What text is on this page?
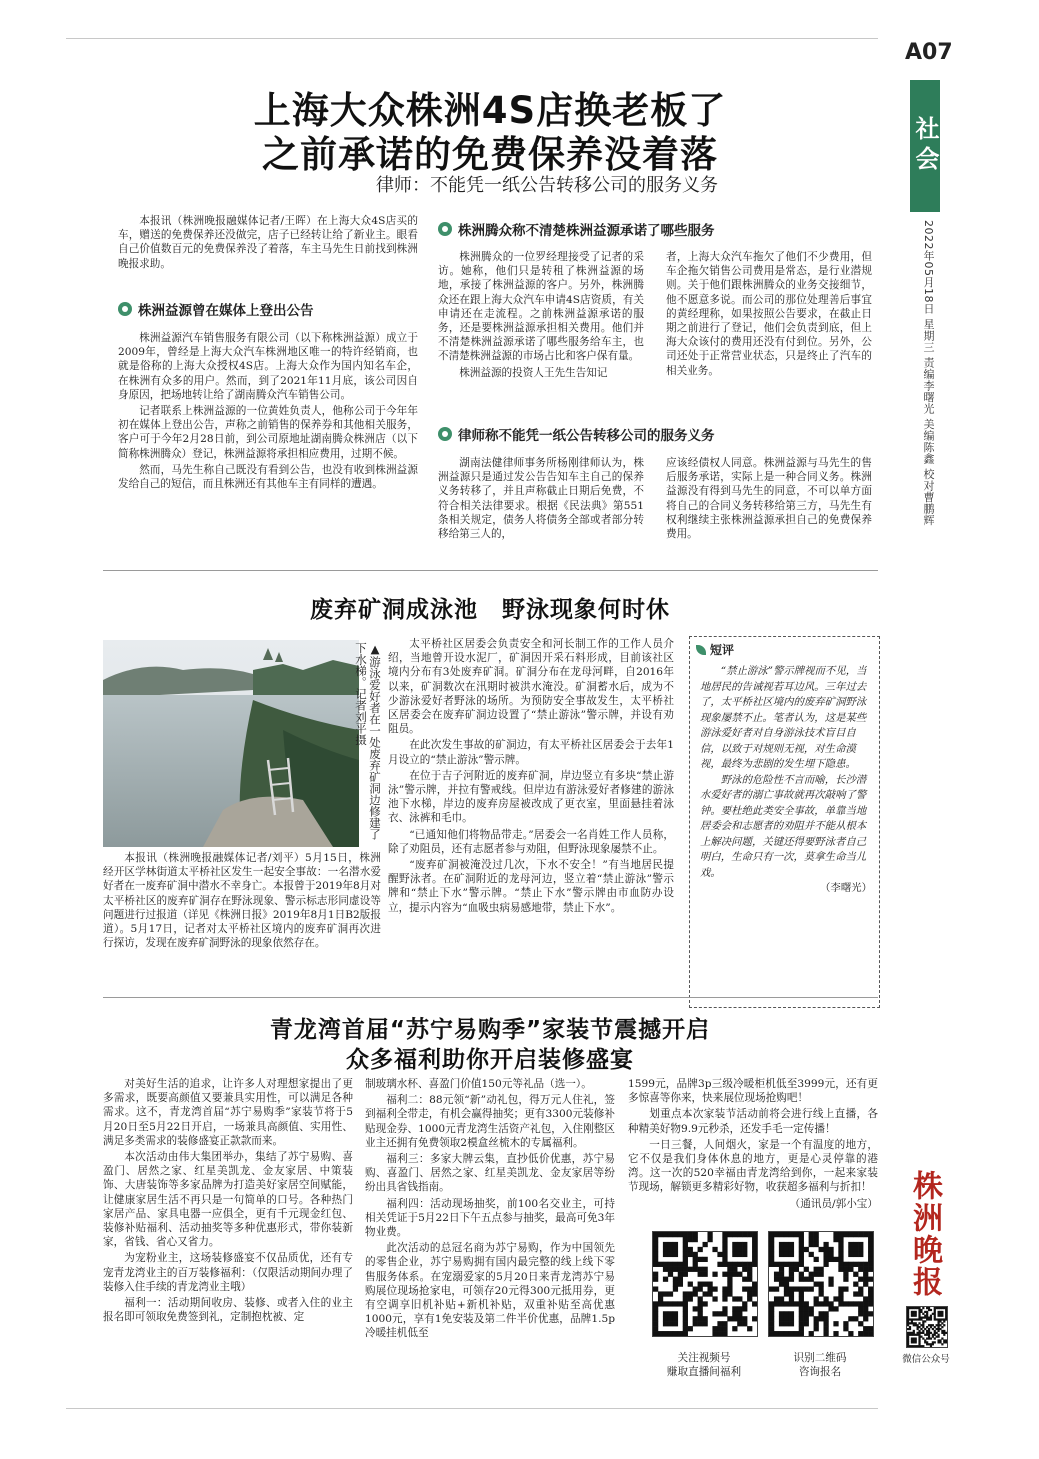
A07
社会
2022年05月18日 星期三 责编李曙光 美编陈鑫 校对曹鹏辉
上海大众株洲4S店换老板了
之前承诺的免费保养没着落
律师：不能凭一纸公告转移公司的服务义务

本报讯（株洲晚报融媒体记者/王晖）在上海大众4S店买的车，赠送的免费保养还没做完，店子已经转让给了新业主。眼看自己价值数百元的免费保养没了着落，车主马先生日前找到株洲晚报求助。

株洲益源曾在媒体上登出公告

株洲益源汽车销售服务有限公司（以下称株洲益源）成立于2009年，曾经是上海大众汽车株洲地区唯一的特许经销商，也就是俗称的上海大众授权4S店。上海大众作为国内知名车企，在株洲有众多的用户。然而，到了2021年11月底，该公司因自身原因，把场地转让给了湖南腾众汽车销售公司。

记者联系上株洲益源的一位黄姓负责人，他称公司于今年年初在媒体上登出公告，声称之前销售的保养券和其他相关服务，客户可于今年2月28日前，到公司原地址湖南腾众株洲店（以下简称株洲腾众）登记，株洲益源将承担相应费用，过期不候。

然而，马先生称自己既没有看到公告，也没有收到株洲益源发给自己的短信，而且株洲还有其他车主有同样的遭遇。

株洲腾众称不清楚株洲益源承诺了哪些服务

株洲腾众的一位罗经理接受了记者的采访。她称，他们只是转租了株洲益源的场地，承接了株洲益源的客户。另外，株洲腾众还在跟上海大众汽车申请4S店资质，有关申请还在走流程。之前株洲益源承诺的服务，还是要株洲益源承担相关费用。他们并不清楚株洲益源承诺了哪些服务给车主，也不清楚株洲益源的市场占比和客户保有量。

株洲益源的投资人王先生告知记

者，上海大众汽车拖欠了他们不少费用，但车企拖欠销售公司费用是常态，是行业潜规则。关于他们跟株洲腾众的业务交接细节，他不愿意多说。而公司的那位处理善后事宜的黄经理称，如果按照公告要求，在截止日期之前进行了登记，他们会负责到底，但上海大众该付的费用还没有付到位。另外，公司还处于正常营业状态，只是终止了汽车的相关业务。

律师称不能凭一纸公告转移公司的服务义务

湖南法健律师事务所杨刚律师认为，株洲益源只是通过发公告告知车主自己的保养义务转移了，并且声称截止日期后免费，不符合相关法律要求。根据《民法典》第551条相关规定，债务人将债务全部或者部分转移给第三人的，

应该经债权人同意。株洲益源与马先生的售后服务承诺，实际上是一种合同义务。株洲益源没有得到马先生的同意，不可以单方面将自己的合同义务转移给第三方，马先生有权利继续主张株洲益源承担自己的免费保养费用。

废弃矿洞成泳池　野泳现象何时休
▲游泳爱好者在一处废弃矿洞边修建了下水梯。记者刘平摄

本报讯（株洲晚报融媒体记者/刘平）5月15日，株洲经开区学林街道太平桥社区发生一起安全事故：一名潜水爱好者在一废弃矿洞中潜水不幸身亡。本报曾于2019年8月对太平桥社区的废弃矿洞存在野泳现象、警示标志形同虚设等问题进行过报道（详见《株洲日报》2019年8月1日B2版报道）。5月17日，记者对太平桥社区境内的废弃矿洞再次进行探访，发现在废弃矿洞野泳的现象依然存在。

太平桥社区居委会负责安全和河长制工作的工作人员介绍，当地曾开设水泥厂，矿洞因开采石料形成，目前该社区境内分布有3处废弃矿洞。矿洞分布在龙母河畔，自2016年以来，矿洞数次在汛期时被洪水淹没。矿洞蓄水后，成为不少游泳爱好者野泳的场所。为预防安全事故发生，太平桥社区居委会在废弃矿洞边设置了“禁止游泳”警示牌，并设有劝阻员。

在此次发生事故的矿洞边，有太平桥社区居委会于去年1月设立的“禁止游泳”警示牌。

在位于吉子河附近的废弃矿洞，岸边竖立有多块“禁止游泳”警示牌，并拉有警戒线。但岸边有游泳爱好者修建的游泳池下水梯，岸边的废弃房屋被改成了更衣室，里面悬挂着泳衣、泳裤和毛巾。

“已通知他们将物品带走。”居委会一名肖姓工作人员称，除了劝阻员，还有志愿者参与劝阻，但野泳现象屡禁不止。

“废弃矿洞被淹没过几次，下水不安全！”有当地居民提醒野泳者。在矿洞附近的龙母河边，竖立着“禁止游泳”警示牌和“禁止下水”警示牌。“禁止下水”警示牌由市血防办设立，提示内容为“血吸虫病易感地带，禁止下水”。

短评

“禁止游泳”警示牌视而不见，当地居民的告诫视若耳边风。三年过去了，太平桥社区境内的废弃矿洞野泳现象屡禁不止。笔者认为，这是某些游泳爱好者对自身游泳技术盲目自信，以致于对规则无视，对生命漠视，最终为悲剧的发生埋下隐患。

野泳的危险性不言而喻，长沙潜水爱好者的溺亡事故就再次敲响了警钟。要杜绝此类安全事故，单靠当地居委会和志愿者的劝阻并不能从根本上解决问题，关键还得要野泳者自己明白，生命只有一次，莫拿生命当儿戏。

（李曙光）
青龙湾首届“苏宁易购季”家装节震撼开启
众多福利助你开启装修盛宴

对美好生活的追求，让许多人对理想家提出了更多需求，既要高颜值又要兼具实用性，可以满足各种需求。这不，青龙湾首届“苏宁易购季”家装节将于5月20日至5月22日开启，一场兼具高颜值、实用性、满足多类需求的装修盛宴正款款而来。

本次活动由伟大集团举办，集结了苏宁易购、喜盈门、居然之家、红星美凯龙、金友家居、中策装饰、大唐装饰等多家品牌为打造美好家居空间赋能，让健康家居生活不再只是一句简单的口号。各种热门家居产品、家具电器一应俱全，更有千元现金红包、装修补贴福利、活动抽奖等多种优惠形式，带你装新家，省钱、省心又省力。

为宠粉业主，这场装修盛宴不仅品质优，还有专宠青龙湾业主的百万装修福利：（仅限活动期间办理了装修入住手续的青龙湾业主哦）

福利一：活动期间收房、装修、或者入住的业主报名即可领取免费签到礼，定制抱枕被、定

制玻璃水杯、喜盈门价值150元等礼品（选一）。

福利二：88元领“新”动礼包，得万元人住礼，签到福利全带走，有机会赢得抽奖；更有3300元装修补贴现金券、1000元青龙湾生活资产礼包，入住刚整区业主还拥有免费领取2模盒丝梳木的专属福利。

福利三：多家大牌云集，直抄低价优惠，苏宁易购、喜盈门、居然之家、红星美凯龙、金友家居等纷纷出具省钱指南。

福利四：活动现场抽奖，前100名交业主，可持相关凭证于5月22日下午五点参与抽奖，最高可免3年物业费。

此次活动的总冠名商为苏宁易购，作为中国领先的零售企业，苏宁易购拥有国内最完整的线上线下零售服务体系。在宠溺爱家的5月20日来青龙湾苏宁易购展位现场抢家电，可领存20元得300元抵用券，更有空调享旧机补贴+新机补贴，双重补贴至高优惠1000元，享有1免安装及第二件半价优惠，品牌1.5p冷暖挂机低至

1599元，品牌3p三级冷暖柜机低至3999元，还有更多惊喜等你来，快来展位现场抢购吧！

划重点本次家装节活动前将会进行线上直播，各种精美好物9.9元秒杀，还发手毛一定传播！

一日三餐，人间烟火，家是一个有温度的地方，它不仅是我们身体休息的地方，更是心灵停靠的港湾。这一次的520幸福由青龙湾给到你，一起来家装节现场，解锁更多精彩好物，收获超多福利与折扣！

（通讯员/郭小宝）
关注视频号
赚取直播间福利
识别二维码
咨询报名
株洲晚报
微信公众号
